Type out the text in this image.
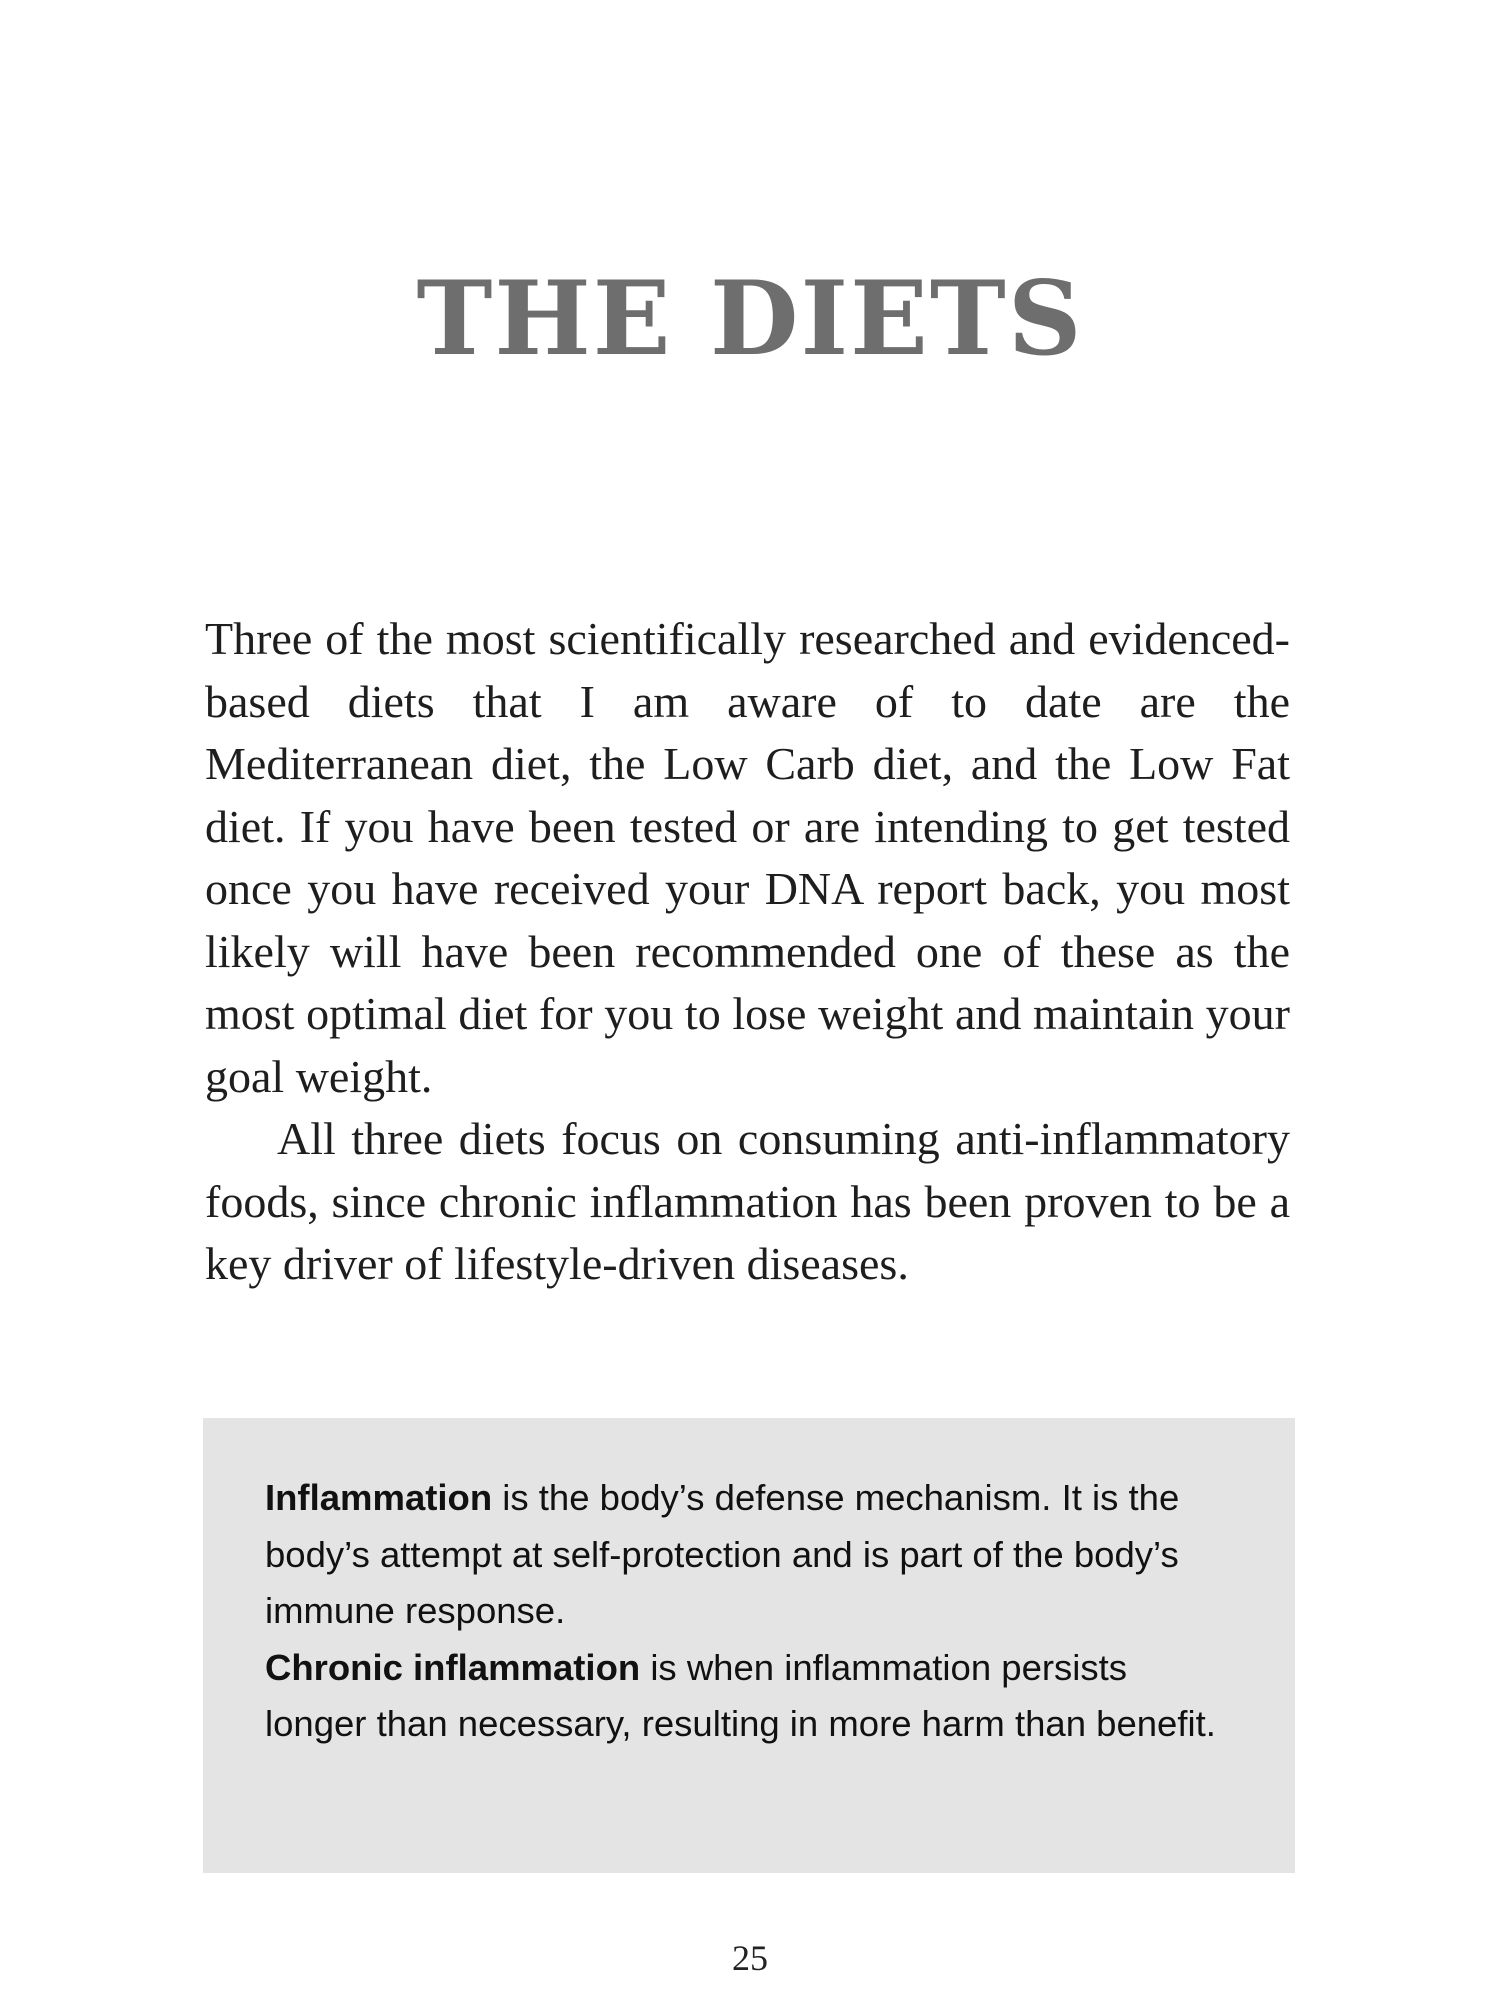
THE DIETS

Three of the most scientifically researched and evidenced-based diets that I am aware of to date are the Mediterranean diet, the Low Carb diet, and the Low Fat diet. If you have been tested or are intending to get tested once you have received your DNA report back, you most likely will have been recommended one of these as the most optimal diet for you to lose weight and maintain your goal weight.

All three diets focus on consuming anti-inflammatory foods, since chronic inflammation has been proven to be a key driver of lifestyle-driven diseases.

Inflammation is the body’s defense mechanism. It is the body’s attempt at self-protection and is part of the body’s immune response.

Chronic inflammation is when inflammation persists longer than necessary, resulting in more harm than benefit.

25
